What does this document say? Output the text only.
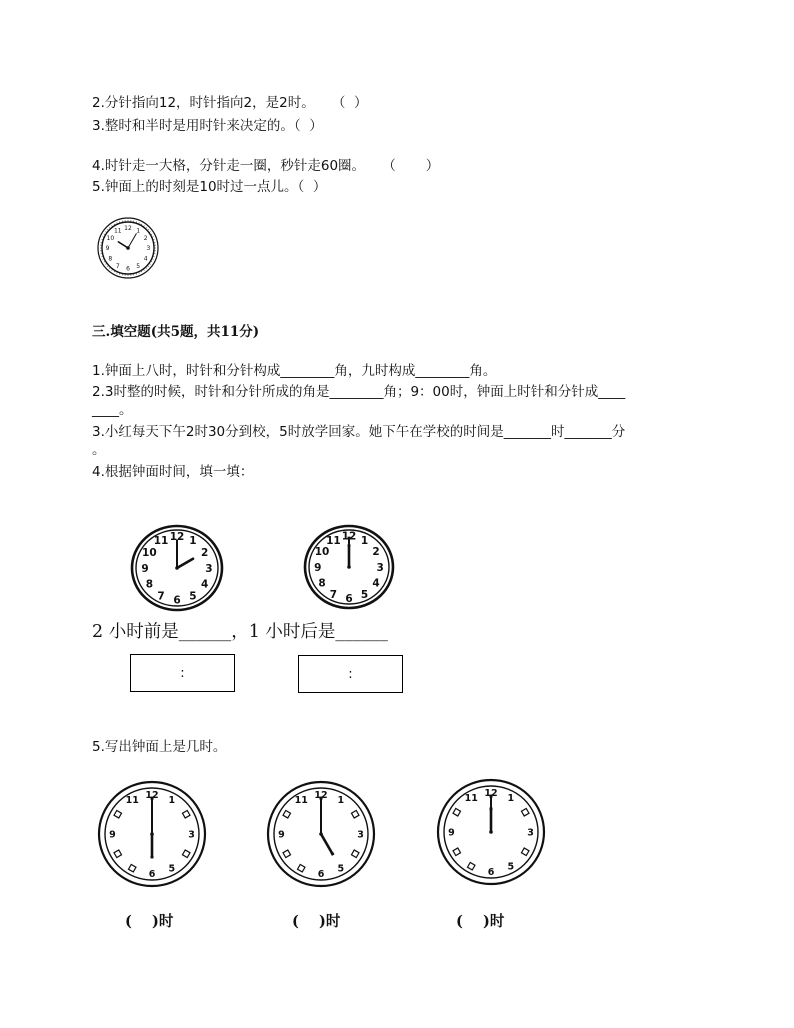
2.分针指向12，时针指向2，是2时。    （  ）
3.整时和半时是用时针来决定的。（  ）
4.时针走一大格，分针走一圈，秒针走60圈。    （       ）
5.钟面上的时刻是10时过一点儿。（  ）
12 1
2
3
4
5
6
7
8
9
10
11
三.填空题(共5题，共11分)
1.钟面上八时，时针和分针构成________角，九时构成________角。
2.3时整的时候，时针和分针所成的角是________角；9：00时，钟面上时针和分针成____
____。
3.小红每天下午2时30分到校，5时放学回家。她下午在学校的时间是_______时_______分
。
4.根据钟面时间，填一填：
12 1
2
3
4
5
6
7
8
9
10
11	12 1
2
3
4
5
6
7
8
9
10
11
2 小时前是______，1 小时后是______
:	:
5.写出钟面上是几时。
12 1
3
5
6
9
11	12 1
3
5
6
9
11
12 1
3
5
6
9
11
(    )时	(    )时	(    )时
